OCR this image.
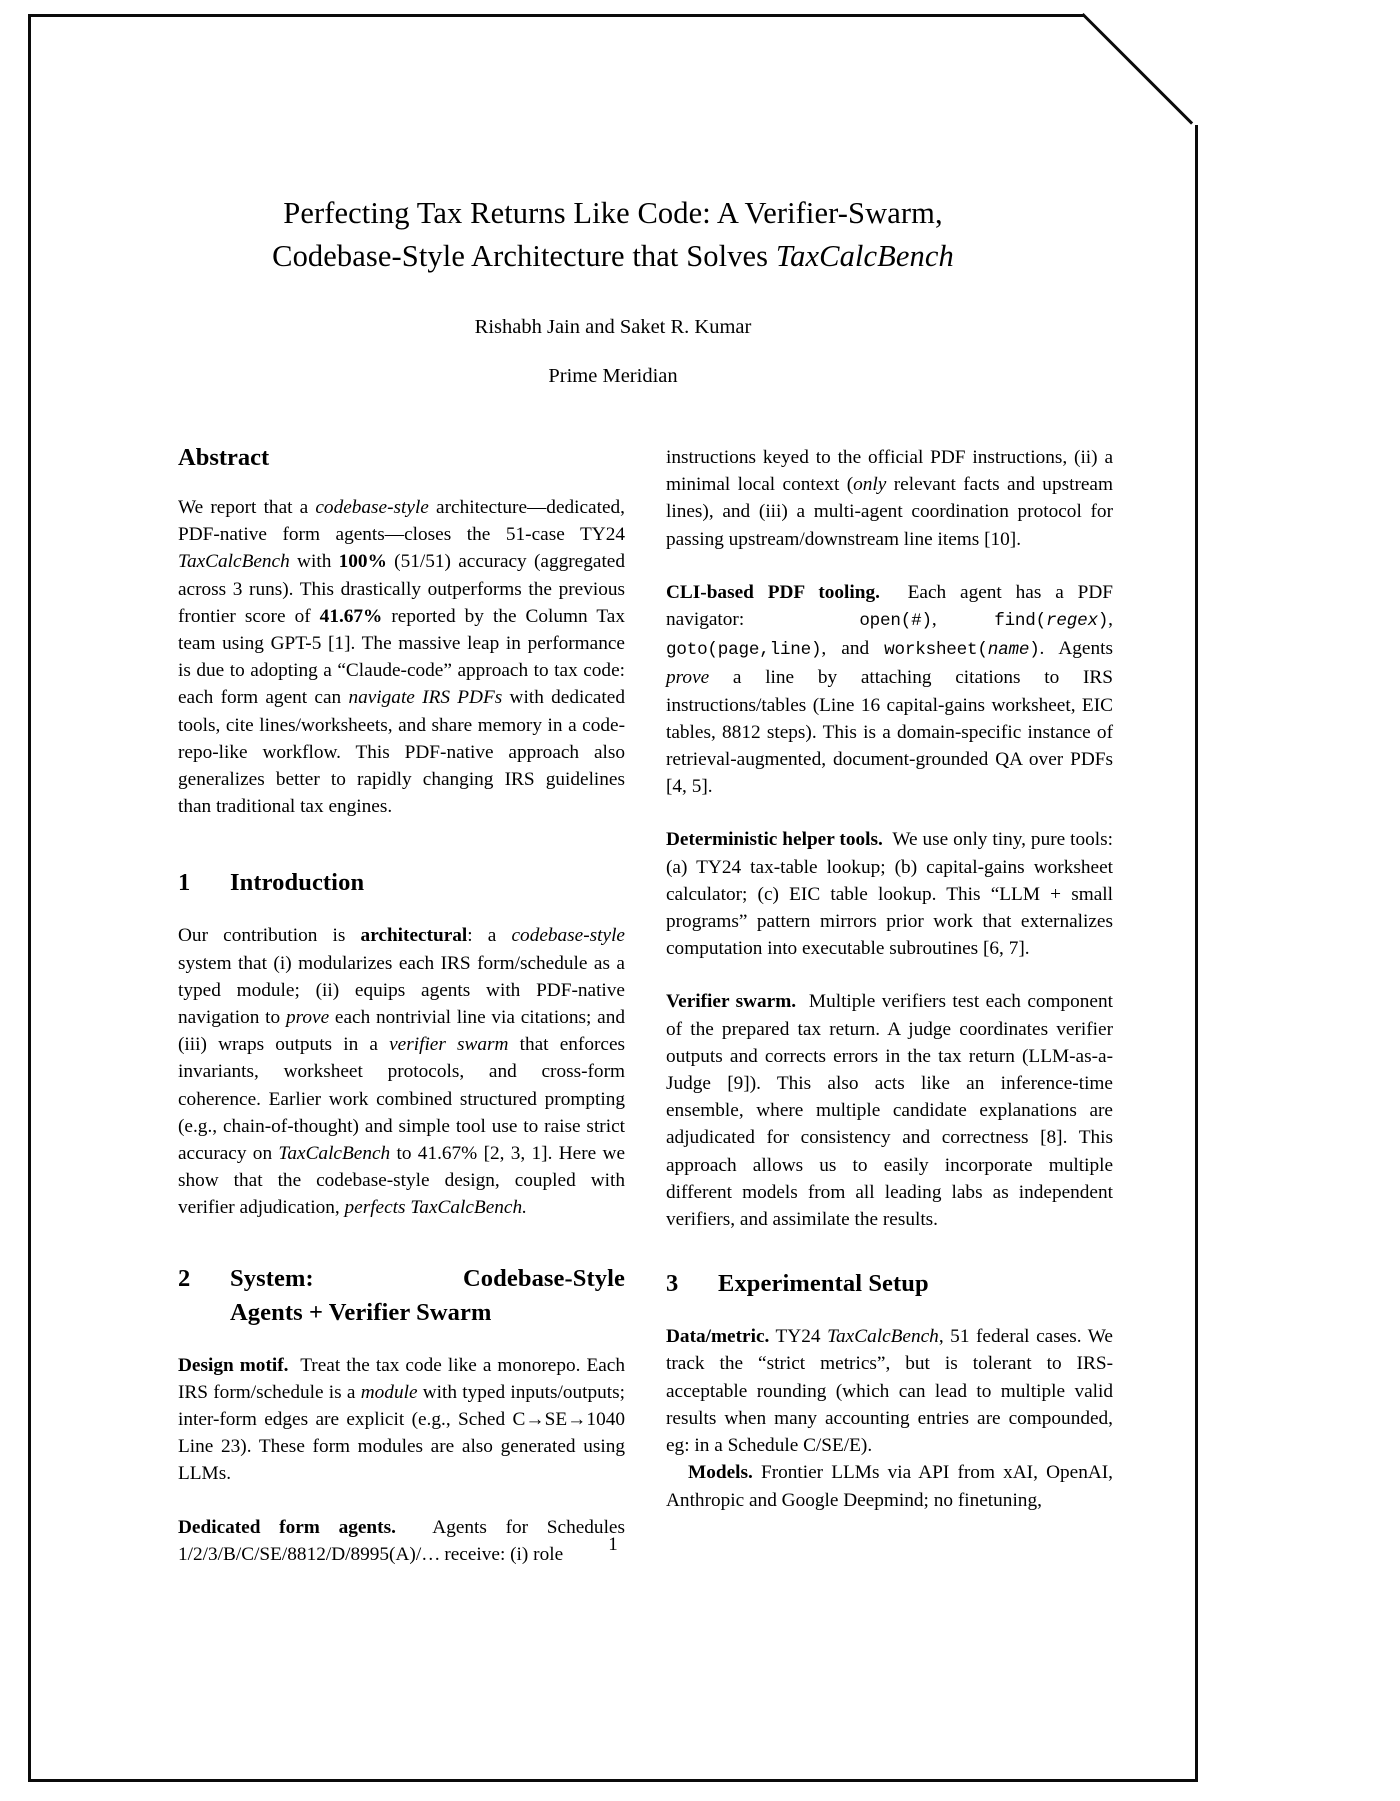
Perfecting Tax Returns Like Code: A Verifier-Swarm,
Codebase-Style Architecture that Solves TaxCalcBench
Rishabh Jain and Saket R. Kumar
Prime Meridian
Abstract

We report that a codebase-style architecture—dedicated, PDF-native form agents—closes the 51-case TY24 TaxCalcBench with 100% (51/51) accuracy (aggregated across 3 runs). This drastically outperforms the previous frontier score of 41.67% reported by the Column Tax team using GPT-5 [1]. The massive leap in performance is due to adopting a “Claude-code” approach to tax code: each form agent can navigate IRS PDFs with dedicated tools, cite lines/worksheets, and share memory in a code-repo-like workflow. This PDF-native approach also generalizes better to rapidly changing IRS guidelines than traditional tax engines.

1	Introduction

Our contribution is architectural: a codebase-style system that (i) modularizes each IRS form/schedule as a typed module; (ii) equips agents with PDF-native navigation to prove each nontrivial line via citations; and (iii) wraps outputs in a verifier swarm that enforces invariants, worksheet protocols, and cross-form coherence. Earlier work combined structured prompting (e.g., chain-of-thought) and simple tool use to raise strict accuracy on TaxCalcBench to 41.67% [2, 3, 1]. Here we show that the codebase-style design, coupled with verifier adjudication, perfects TaxCalcBench.

2	System: Codebase-Style
Agents + Verifier Swarm

Design motif.  Treat the tax code like a monorepo. Each IRS form/schedule is a module with typed inputs/outputs; inter-form edges are explicit (e.g., Sched C→SE→1040 Line 23). These form modules are also generated using LLMs.

Dedicated form agents.  Agents for Schedules 1/2/3/B/C/SE/8812/D/8995(A)/… receive: (i) role

instructions keyed to the official PDF instructions, (ii) a minimal local context (only relevant facts and upstream lines), and (iii) a multi-agent coordination protocol for passing upstream/downstream line items [10].

CLI-based PDF tooling.  Each agent has a PDF navigator:  open(#), find(regex), goto(page,line), and worksheet(name). Agents prove a line by attaching citations to IRS instructions/tables (Line 16 capital-gains worksheet, EIC tables, 8812 steps). This is a domain-specific instance of retrieval-augmented, document-grounded QA over PDFs [4, 5].

Deterministic helper tools.  We use only tiny, pure tools: (a) TY24 tax-table lookup; (b) capital-gains worksheet calculator; (c) EIC table lookup. This “LLM + small programs” pattern mirrors prior work that externalizes computation into executable subroutines [6, 7].

Verifier swarm.  Multiple verifiers test each component of the prepared tax return. A judge coordinates verifier outputs and corrects errors in the tax return (LLM-as-a-Judge [9]). This also acts like an inference-time ensemble, where multiple candidate explanations are adjudicated for consistency and correctness [8]. This approach allows us to easily incorporate multiple different models from all leading labs as independent verifiers, and assimilate the results.

3	Experimental Setup

Data/metric. TY24 TaxCalcBench, 51 federal cases. We track the “strict metrics”, but is tolerant to IRS-acceptable rounding (which can lead to multiple valid results when many accounting entries are compounded, eg: in a Schedule C/SE/E).

Models. Frontier LLMs via API from xAI, OpenAI, Anthropic and Google Deepmind; no finetuning,

1
